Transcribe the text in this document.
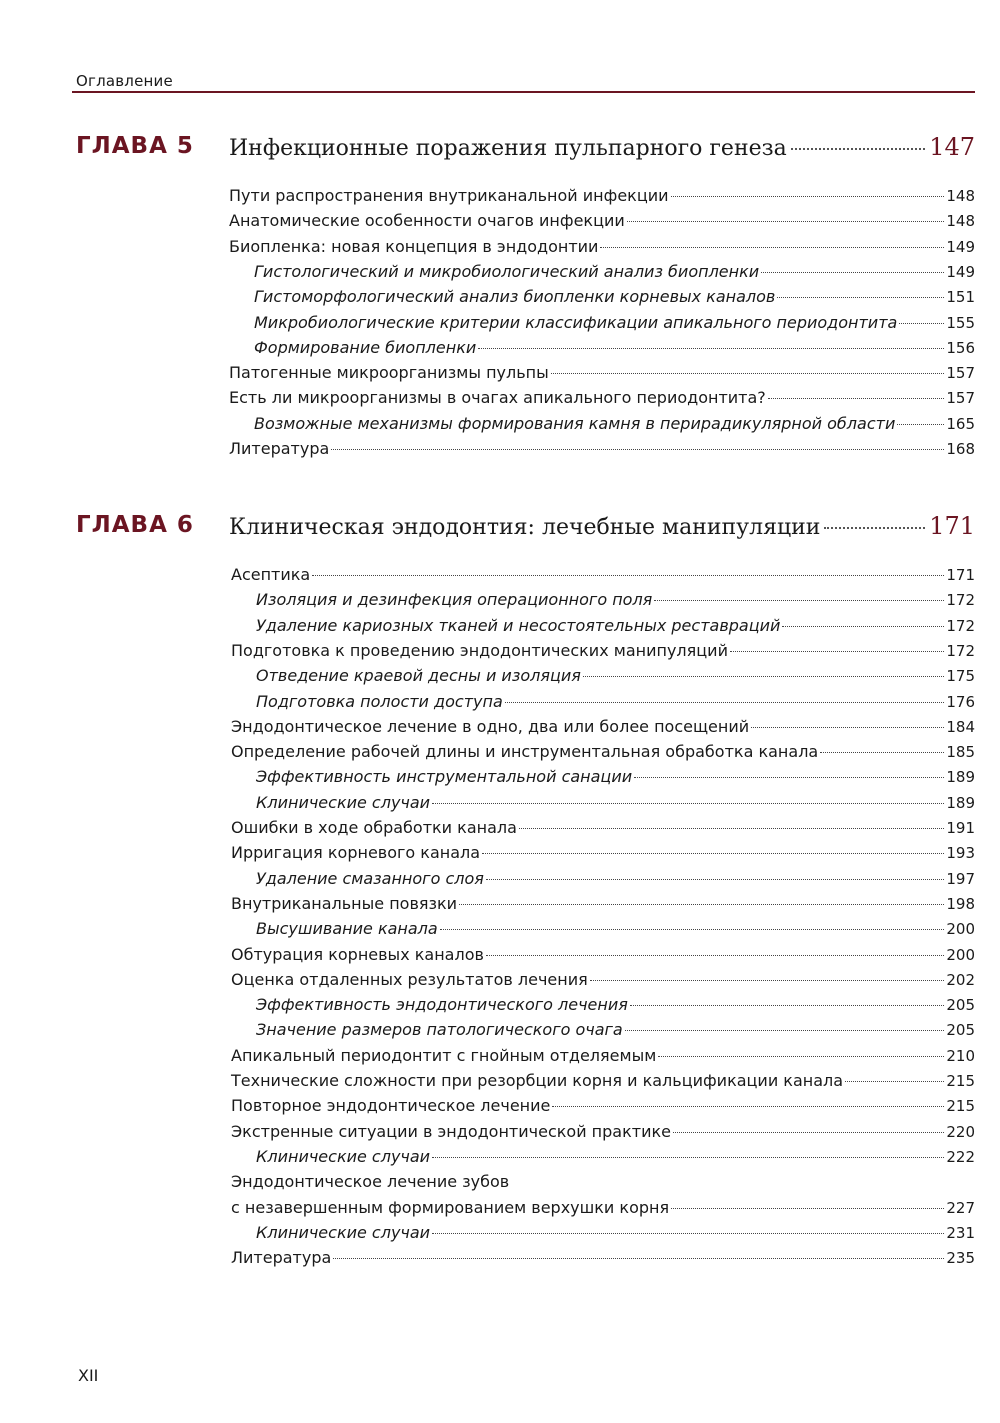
Оглавление
ГЛАВА 5 Инфекционные поражения пульпарного генеза	147
Пути распространения внутриканальной инфекции	148
Анатомические особенности очагов инфекции	148
Биопленка: новая концепция в эндодонтии	149
Гистологический и микробиологический анализ биопленки	149
Гистоморфологический анализ биопленки корневых каналов	151
Микробиологические критерии классификации апикального периодонтита	155
Формирование биопленки	156
Патогенные микроорганизмы пульпы	157
Есть ли микроорганизмы в очагах апикального периодонтита?	157
Возможные механизмы формирования камня в перирадикулярной области	165
Литература	168
ГЛАВА 6 Клиническая эндодонтия: лечебные манипуляции	171
Асептика	171
Изоляция и дезинфекция операционного поля	172
Удаление кариозных тканей и несостоятельных реставраций	172
Подготовка к проведению эндодонтических манипуляций	172
Отведение краевой десны и изоляция	175
Подготовка полости доступа	176
Эндодонтическое лечение в одно, два или более посещений	184
Определение рабочей длины и инструментальная обработка канала	185
Эффективность инструментальной санации	189
Клинические случаи	189
Ошибки в ходе обработки канала	191
Ирригация корневого канала	193
Удаление смазанного слоя	197
Внутриканальные повязки	198
Высушивание канала	200
Обтурация корневых каналов	200
Оценка отдаленных результатов лечения	202
Эффективность эндодонтического лечения	205
Значение размеров патологического очага	205
Апикальный периодонтит с гнойным отделяемым	210
Технические сложности при резорбции корня и кальцификации канала	215
Повторное эндодонтическое лечение	215
Экстренные ситуации в эндодонтической практике	220
Клинические случаи	222
Эндодонтическое лечение зубов
с незавершенным формированием верхушки корня	227
Клинические случаи	231
Литература	235
XII
